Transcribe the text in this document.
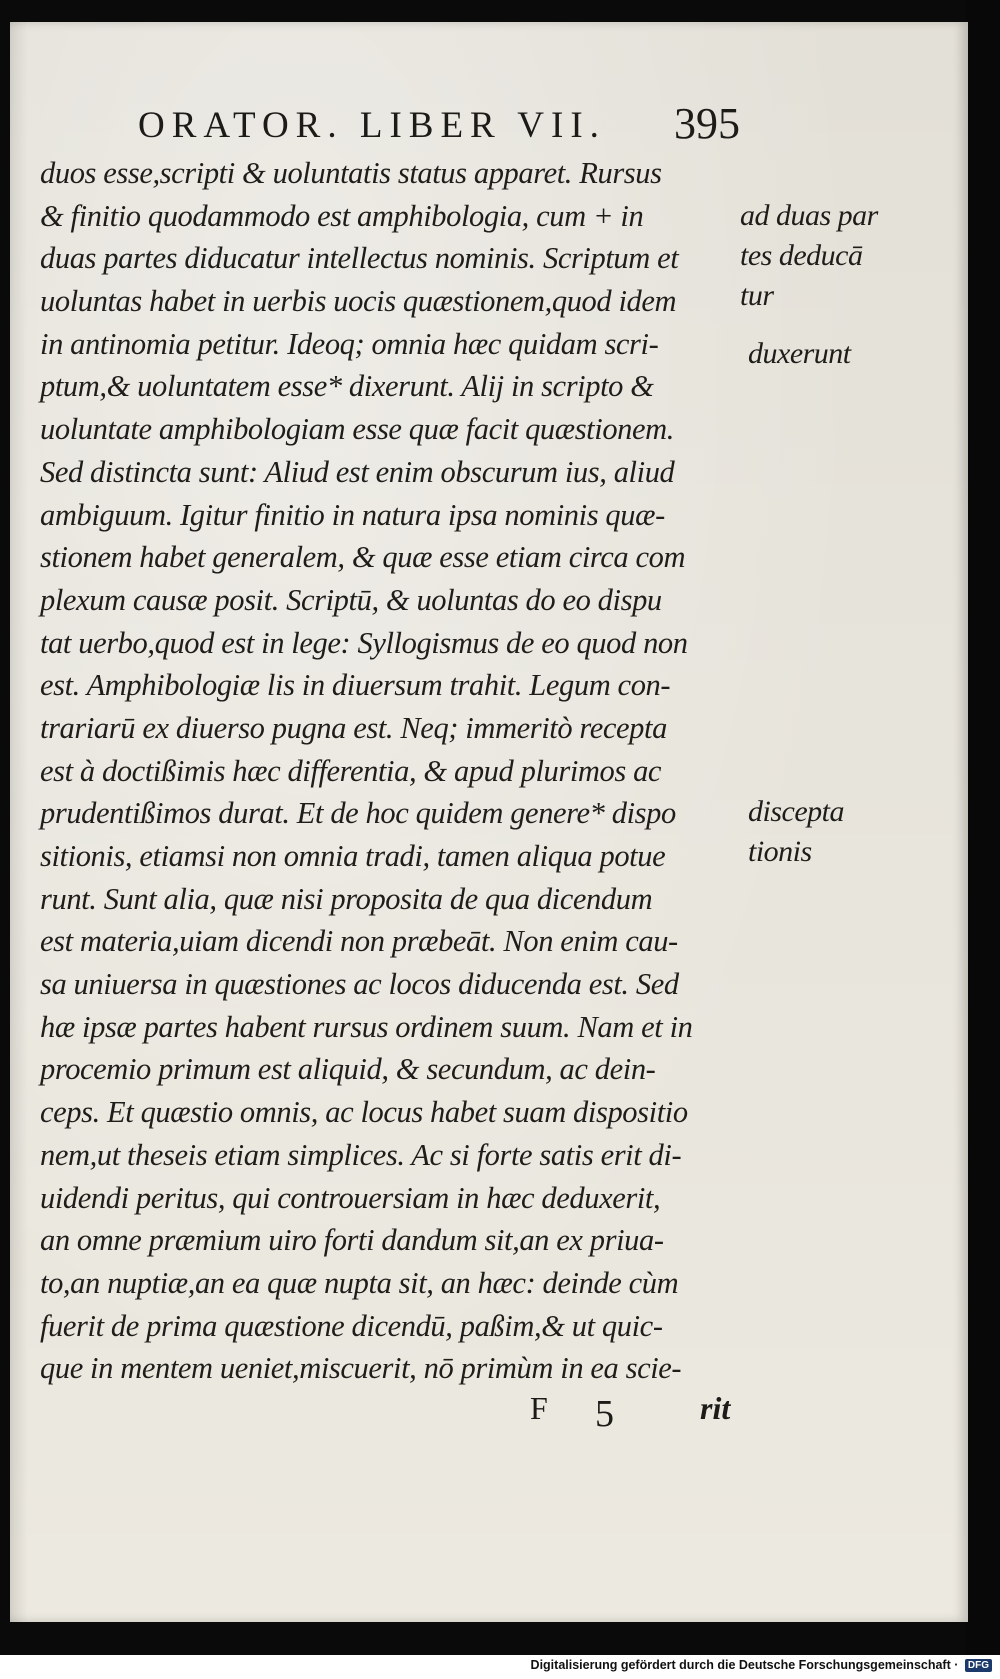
ORATOR. LIBER VII. 395
duos esse,scripti & uoluntatis status apparet. Rursus
& finitio quodammodo est amphibologia, cum + in
duas partes diducatur intellectus nominis. Scriptum et
uoluntas habet in uerbis uocis quæstionem,quod idem
in antinomia petitur. Ideoq; omnia hæc quidam scri-
ptum,& uoluntatem esse* dixerunt. Alij in scripto &
uoluntate amphibologiam esse quæ facit quæstionem.
Sed distincta sunt: Aliud est enim obscurum ius, aliud
ambiguum. Igitur finitio in natura ipsa nominis quæ-
stionem habet generalem, & quæ esse etiam circa com
plexum causæ posit. Scriptū, & uoluntas do eo dispu
tat uerbo,quod est in lege: Syllogismus de eo quod non
est. Amphibologiæ lis in diuersum trahit. Legum con-
trariarū ex diuerso pugna est. Neq; immeritò recepta
est à doctißimis hæc differentia, & apud plurimos ac
prudentißimos durat. Et de hoc quidem genere* dispo
sitionis, etiamsi non omnia tradi, tamen aliqua potue
runt. Sunt alia, quæ nisi proposita de qua dicendum
est materia,uiam dicendi non præbeāt. Non enim cau-
sa uniuersa in quæstiones ac locos diducenda est. Sed
hæ ipsæ partes habent rursus ordinem suum. Nam et in
procemio primum est aliquid, & secundum, ac dein-
ceps. Et quæstio omnis, ac locus habet suam dispositio
nem,ut theseis etiam simplices. Ac si forte satis erit di-
uidendi peritus, qui controuersiam in hæc deduxerit,
an omne præmium uiro forti dandum sit,an ex priua-
to,an nuptiæ,an ea quæ nupta sit, an hæc: deinde cùm
fuerit de prima quæstione dicendū, paßim,& ut quic-
que in mentem ueniet,miscuerit, nō primùm in ea scie-
ad duas par
tes deducā
tur
duxerunt
discepta
tionis
F 5	rit
Digitalisierung gefördert durch die Deutsche Forschungsgemeinschaft · DFG
